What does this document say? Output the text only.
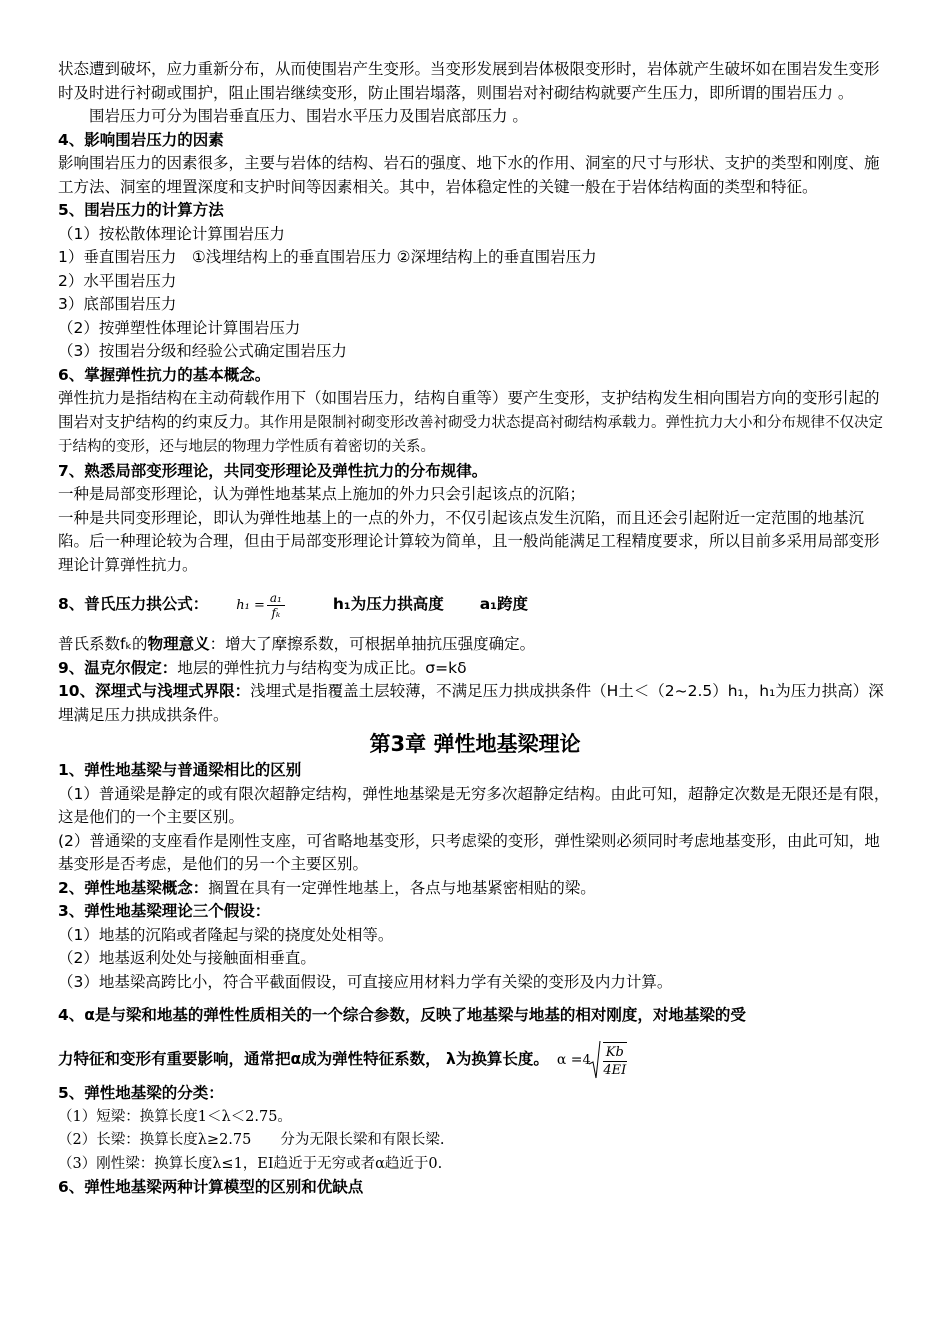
状态遭到破坏，应力重新分布，从而使围岩产生变形。当变形发展到岩体极限变形时，岩体就产生破坏如在围岩发生变形时及时进行衬砌或围护，阻止围岩继续变形，防止围岩塌落，则围岩对衬砌结构就要产生压力，即所谓的围岩压力 。

围岩压力可分为围岩垂直压力、围岩水平压力及围岩底部压力 。

4、影响围岩压力的因素

影响围岩压力的因素很多，主要与岩体的结构、岩石的强度、地下水的作用、洞室的尺寸与形状、支护的类型和刚度、施工方法、洞室的埋置深度和支护时间等因素相关。其中，岩体稳定性的关键一般在于岩体结构面的类型和特征。

5、围岩压力的计算方法

（1）按松散体理论计算围岩压力

1）垂直围岩压力　①浅埋结构上的垂直围岩压力 ②深埋结构上的垂直围岩压力

2）水平围岩压力

3）底部围岩压力

（2）按弹塑性体理论计算围岩压力

（3）按围岩分级和经验公式确定围岩压力

6、掌握弹性抗力的基本概念。

弹性抗力是指结构在主动荷载作用下（如围岩压力，结构自重等）要产生变形，支护结构发生相向围岩方向的变形引起的围岩对支护结构的约束反力。其作用是限制衬砌变形改善衬砌受力状态提高衬砌结构承载力。弹性抗力大小和分布规律不仅决定于结构的变形，还与地层的物理力学性质有着密切的关系。

7、熟悉局部变形理论，共同变形理论及弹性抗力的分布规律。

一种是局部变形理论，认为弹性地基某点上施加的外力只会引起该点的沉陷；

一种是共同变形理论，即认为弹性地基上的一点的外力，不仅引起该点发生沉陷，而且还会引起附近一定范围的地基沉陷。后一种理论较为合理，但由于局部变形理论计算较为简单，且一般尚能满足工程精度要求，所以目前多采用局部变形理论计算弹性抗力。

8、普氏压力拱公式： $h_1 = \frac{\text{a₁}}{\text{fₖ}}$	h₁为压力拱高度 a₁跨度

普氏系数fₖ的物理意义：增大了摩擦系数，可根据单抽抗压强度确定。

9、温克尔假定：地层的弹性抗力与结构变为成正比。σ=kδ

10、深埋式与浅埋式界限：浅埋式是指覆盖土层较薄，不满足压力拱成拱条件（H土＜（2~2.5）h₁，h₁为压力拱高）深埋满足压力拱成拱条件。

第3章 弹性地基梁理论

1、弹性地基梁与普通梁相比的区别

（1）普通梁是静定的或有限次超静定结构，弹性地基梁是无穷多次超静定结构。由此可知，超静定次数是无限还是有限，这是他们的一个主要区别。

(2）普通梁的支座看作是刚性支座，可省略地基变形，只考虑梁的变形，弹性梁则必须同时考虑地基变形，由此可知，地基变形是否考虑，是他们的另一个主要区别。

2、弹性地基梁概念：搁置在具有一定弹性地基上，各点与地基紧密相贴的梁。

3、弹性地基梁理论三个假设：

（1）地基的沉陷或者隆起与梁的挠度处处相等。

（2）地基返利处处与接触面相垂直。

（3）地基梁高跨比小，符合平截面假设，可直接应用材料力学有关梁的变形及内力计算。

4、α是与梁和地基的弹性性质相关的一个综合参数，反映了地基梁与地基的相对刚度，对地基梁的受
力特征和变形有重要影响，通常把α成为弹性特征系数， λ为换算长度。 $\alpha = 4 \frac{Kb}{4EI}$

5、弹性地基梁的分类：

（1）短梁：换算长度1＜λ＜2.75。

（2）长梁：换算长度λ≥2.75　　分为无限长梁和有限长梁.

（3）刚性梁：换算长度λ≤1，EI趋近于无穷或者α趋近于0.

6、弹性地基梁两种计算模型的区别和优缺点
